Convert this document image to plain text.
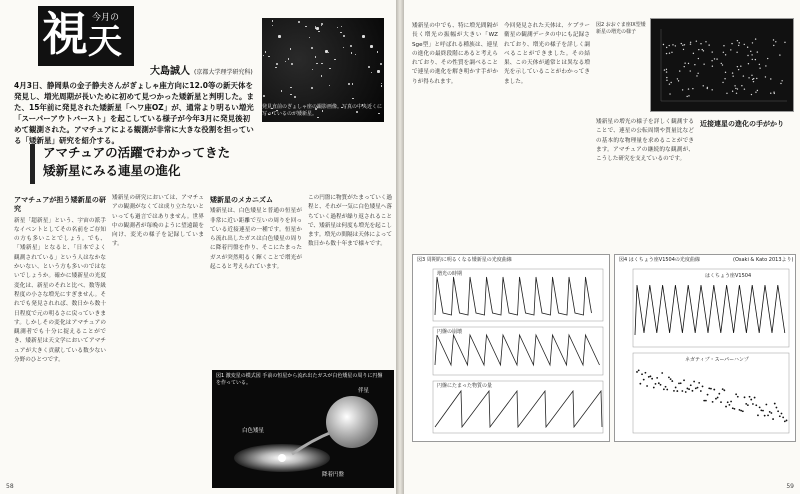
視 今月の
天
発見直前のぎょしゃ座の撮影画像。写真の中央近くに写っているのが矮新星。
大島誠人 (京都大学理学研究科)
4月3日、静岡県の金子静夫さんがぎょしゃ座方向に12.0等の新天体を発見し、増光周期が長いために初めて見つかった矮新星と判明した。また、15年前に発見された矮新星「ヘワ座OZ」が、通常より明るい増光「スーパーアウトバースト」を起こしている様子が今年3月に発見後初めて観測された。アマチュアによる観測が非常に大きな役割を担っている「矮新星」研究を紹介する。
アマチュアの活躍でわかってきた
矮新星にみる連星の進化
アマチュアが担う矮新星の研究
新星「超新星」という、宇宙の派手なイベントとしてその名前をご存知の方も多いことでしょう。でも、「矮新星」となると、「日本でよく観測されている」という人はなかなかいない、という方も多いのではないでしょうか。確かに矮新星の光度変化は、新星のそれと比べ、数等級程度の小さな増光にすぎません。それでも発見されれば、数日から数十日程度で元の明るさに戻っていきます。しかしその変化はアマチュアの観測者でも十分に捉えることができ、矮新星は天文学においてアマチュアが大きく貢献している数少ない分野のひとつです。
矮新星の研究においては、アマチュアの観測がなくては成り立たないといっても過言ではありません。世界中の観測者が毎晩のように望遠鏡を向け、変光の様子を記録しています。
矮新星のメカニズム
矮新星は、白色矮星と普通の恒星が非常に近い距離で互いの周りを回っている近接連星の一種です。恒星から流れ出したガスは白色矮星の周りに降着円盤を作り、そこにたまったガスが突然明るく輝くことで増光が起こると考えられています。
この円盤に物質がたまっていく過程と、それが一気に白色矮星へ落ちていく過程が繰り返されることで、矮新星は何度も増光を起こします。増光の間隔は天体によって数日から数十年まで様々です。
図1 激変星の模式図 手前の恒星から流れ出たガスが白色矮星の周りに円盤を作っている。
伴星
白色矮星
降着円盤
58
矮新星の中でも、特に増光間隔が長く増光の振幅が大きい「WZ Sge型」と呼ばれる種族は、連星の進化の最終段階にあると考えられており、その性質を調べることで連星の進化を解き明かす手がかりが得られます。
今回発見された天体は、ケプラー衛星の観測データの中にも記録されており、増光の様子を詳しく調べることができました。その結果、この天体が通常とは異なる増光を示していることがわかってきました。
図2 おおぐま座IX型矮新星の増光の様子
矮新星の増光の様子を詳しく観測することで、連星の公転周期や質量比などの基本的な物理量を求めることができます。アマチュアの継続的な観測が、こうした研究を支えているのです。
近接連星の進化の手がかり
図3 周期的に明るくなる矮新星の光度曲線
増光の時期
円盤の崩壊
円盤にたまった物質の量
図4 はくちょう座V1504の光度曲線	(Osaki & Kato 2013より)
はくちょう座V1504
ネガティブ・スーパーハンプ
59
